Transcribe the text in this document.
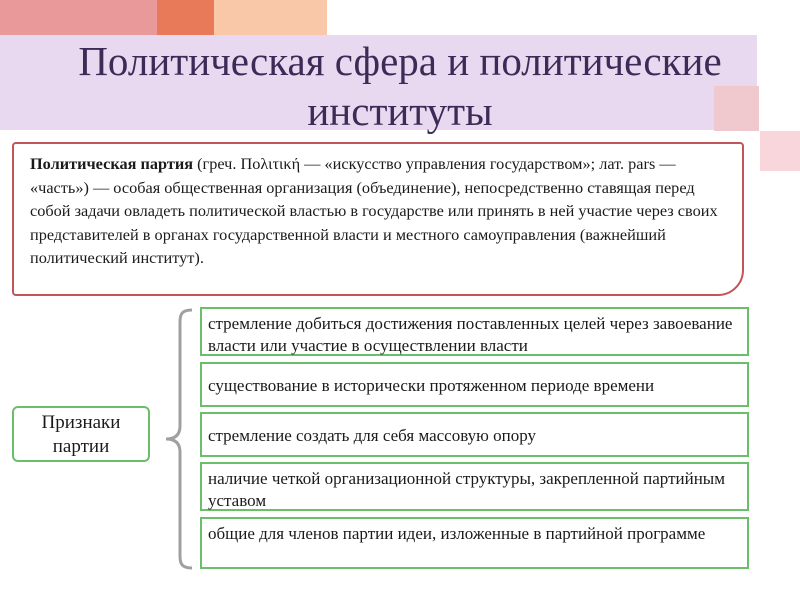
Политическая сфера и политические институты
Политическая партия (греч. Πολιτική — «искусство управления государством»; лат. pars — «часть») — особая общественная организация (объединение), непосредственно ставящая перед собой задачи овладеть политической властью в государстве или принять в ней участие через своих представителей в органах государственной власти и местного самоуправления (важнейший политический институт).
Признаки партии
стремление добиться достижения поставленных целей через завоевание власти или участие в осуществлении власти
существование в исторически протяженном периоде времени
стремление создать для себя массовую опору
наличие четкой организационной структуры, закрепленной партийным уставом
общие для членов партии идеи, изложенные в партийной программе
